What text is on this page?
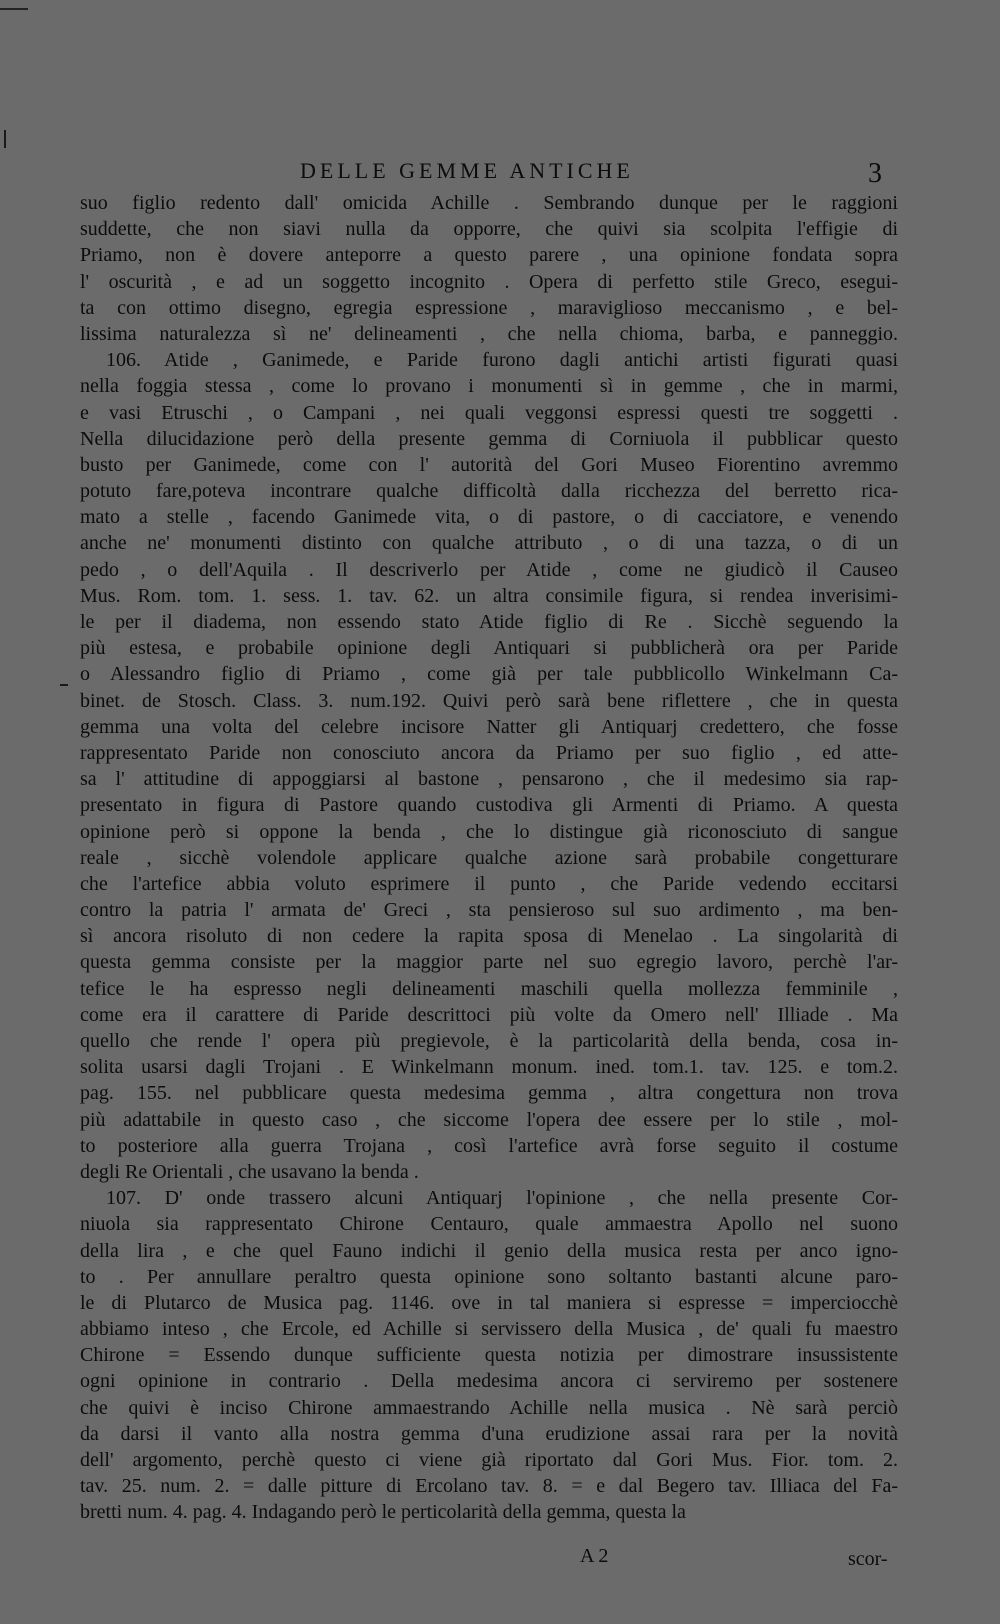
DELLE GEMME ANTICHE	3
suo figlio redento dall' omicida Achille . Sembrando dunque per le raggioni
suddette, che non siavi nulla da opporre, che quivi sia scolpita l'effigie di
Priamo, non è dovere anteporre a questo parere , una opinione fondata sopra
l' oscurità , e ad un soggetto incognito . Opera di perfetto stile Greco, esegui-
ta con ottimo disegno, egregia espressione , maraviglioso meccanismo , e bel-
lissima naturalezza sì ne' delineamenti , che nella chioma, barba, e panneggio.
106. Atide , Ganimede, e Paride furono dagli antichi artisti figurati quasi
nella foggia stessa , come lo provano i monumenti sì in gemme , che in marmi,
e vasi Etruschi , o Campani , nei quali veggonsi espressi questi tre soggetti .
Nella dilucidazione però della presente gemma di Corniuola il pubblicar questo
busto per Ganimede, come con l' autorità del Gori Museo Fiorentino avremmo
potuto fare,poteva incontrare qualche difficoltà dalla ricchezza del berretto rica-
mato a stelle , facendo Ganimede vita, o di pastore, o di cacciatore, e venendo
anche ne' monumenti distinto con qualche attributo , o di una tazza, o di un
pedo , o dell'Aquila . Il descriverlo per Atide , come ne giudicò il Causeo
Mus. Rom. tom. 1. sess. 1. tav. 62. un altra consimile figura, si rendea inverisimi-
le per il diadema, non essendo stato Atide figlio di Re . Sicchè seguendo la
più estesa, e probabile opinione degli Antiquari si pubblicherà ora per Paride
o Alessandro figlio di Priamo , come già per tale pubblicollo Winkelmann Ca-
binet. de Stosch. Class. 3. num.192. Quivi però sarà bene riflettere , che in questa
gemma una volta del celebre incisore Natter gli Antiquarj credettero, che fosse
rappresentato Paride non conosciuto ancora da Priamo per suo figlio , ed atte-
sa l' attitudine di appoggiarsi al bastone , pensarono , che il medesimo sia rap-
presentato in figura di Pastore quando custodiva gli Armenti di Priamo. A questa
opinione però si oppone la benda , che lo distingue già riconosciuto di sangue
reale , sicchè volendole applicare qualche azione sarà probabile congetturare
che l'artefice abbia voluto esprimere il punto , che Paride vedendo eccitarsi
contro la patria l' armata de' Greci , sta pensieroso sul suo ardimento , ma ben-
sì ancora risoluto di non cedere la rapita sposa di Menelao . La singolarità di
questa gemma consiste per la maggior parte nel suo egregio lavoro, perchè l'ar-
tefice le ha espresso negli delineamenti maschili quella mollezza femminile ,
come era il carattere di Paride descrittoci più volte da Omero nell' Illiade . Ma
quello che rende l' opera più pregievole, è la particolarità della benda, cosa in-
solita usarsi dagli Trojani . E Winkelmann monum. ined. tom.1. tav. 125. e tom.2.
pag. 155. nel pubblicare questa medesima gemma , altra congettura non trova
più adattabile in questo caso , che siccome l'opera dee essere per lo stile , mol-
to posteriore alla guerra Trojana , così l'artefice avrà forse seguito il costume
degli Re Orientali , che usavano la benda .
107. D' onde trassero alcuni Antiquarj l'opinione , che nella presente Cor-
niuola sia rappresentato Chirone Centauro, quale ammaestra Apollo nel suono
della lira , e che quel Fauno indichi il genio della musica resta per anco igno-
to . Per annullare peraltro questa opinione sono soltanto bastanti alcune paro-
le di Plutarco de Musica pag. 1146. ove in tal maniera si espresse = imperciocchè
abbiamo inteso , che Ercole, ed Achille si servissero della Musica , de' quali fu maestro
Chirone = Essendo dunque sufficiente questa notizia per dimostrare insussistente
ogni opinione in contrario . Della medesima ancora ci serviremo per sostenere
che quivi è inciso Chirone ammaestrando Achille nella musica . Nè sarà perciò
da darsi il vanto alla nostra gemma d'una erudizione assai rara per la novità
dell' argomento, perchè questo ci viene già riportato dal Gori Mus. Fior. tom. 2.
tav. 25. num. 2. = dalle pitture di Ercolano tav. 8. = e dal Begero tav. Illiaca del Fa-
bretti num. 4. pag. 4. Indagando però le perticolarità della gemma, questa la
A 2	scor-
